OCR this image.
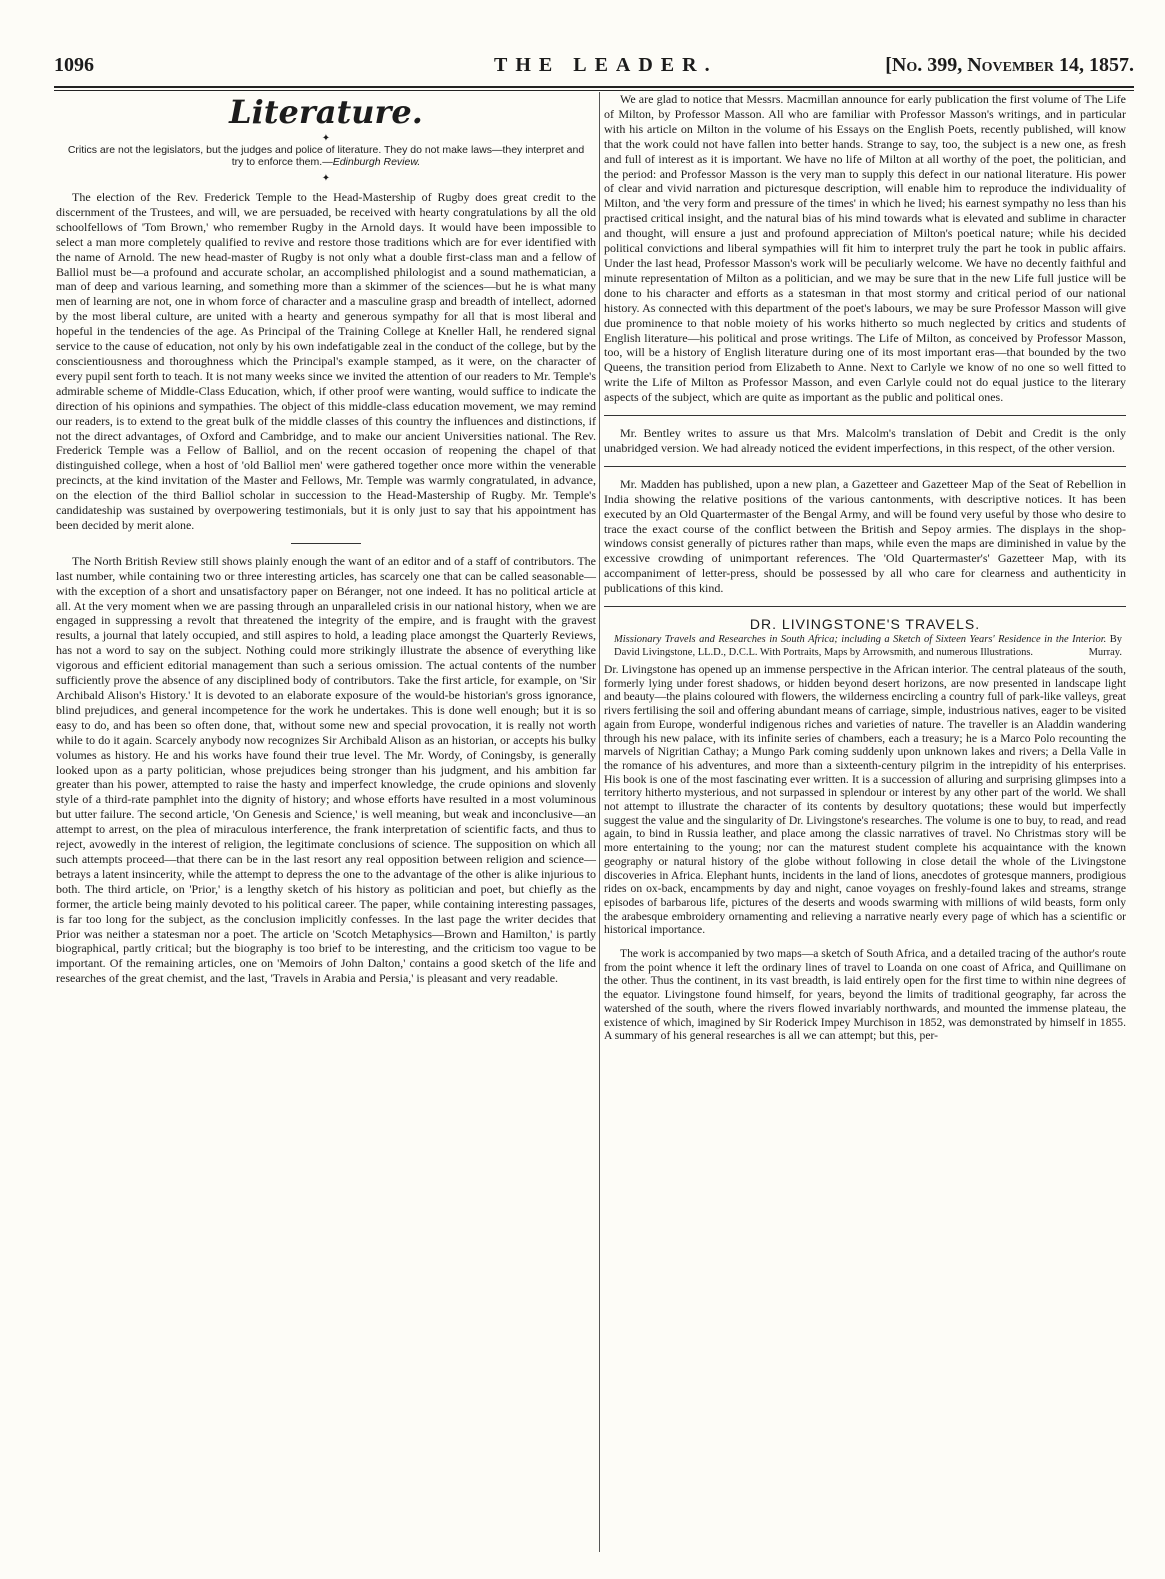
1096	THE LEADER.	[No. 399, November 14, 1857.
Literature.
✦
Critics are not the legislators, but the judges and police of literature. They do not make laws—they interpret and try to enforce them.—Edinburgh Review.
✦

The election of the Rev. Frederick Temple to the Head-Mastership of Rugby does great credit to the discernment of the Trustees, and will, we are persuaded, be received with hearty congratulations by all the old schoolfellows of 'Tom Brown,' who remember Rugby in the Arnold days. It would have been impossible to select a man more completely qualified to revive and restore those traditions which are for ever identified with the name of Arnold. The new head-master of Rugby is not only what a double first-class man and a fellow of Balliol must be—a profound and accurate scholar, an accomplished philologist and a sound mathematician, a man of deep and various learning, and something more than a skimmer of the sciences—but he is what many men of learning are not, one in whom force of character and a masculine grasp and breadth of intellect, adorned by the most liberal culture, are united with a hearty and generous sympathy for all that is most liberal and hopeful in the tendencies of the age. As Principal of the Training College at Kneller Hall, he rendered signal service to the cause of education, not only by his own indefatigable zeal in the conduct of the college, but by the conscientiousness and thoroughness which the Principal's example stamped, as it were, on the character of every pupil sent forth to teach. It is not many weeks since we invited the attention of our readers to Mr. Temple's admirable scheme of Middle-Class Education, which, if other proof were wanting, would suffice to indicate the direction of his opinions and sympathies. The object of this middle-class education movement, we may remind our readers, is to extend to the great bulk of the middle classes of this country the influences and distinctions, if not the direct advantages, of Oxford and Cambridge, and to make our ancient Universities national. The Rev. Frederick Temple was a Fellow of Balliol, and on the recent occasion of reopening the chapel of that distinguished college, when a host of 'old Balliol men' were gathered together once more within the venerable precincts, at the kind invitation of the Master and Fellows, Mr. Temple was warmly congratulated, in advance, on the election of the third Balliol scholar in succession to the Head-Mastership of Rugby. Mr. Temple's candidateship was sustained by overpowering testimonials, but it is only just to say that his appointment has been decided by merit alone.

The North British Review still shows plainly enough the want of an editor and of a staff of contributors. The last number, while containing two or three interesting articles, has scarcely one that can be called seasonable—with the exception of a short and unsatisfactory paper on Béranger, not one indeed. It has no political article at all. At the very moment when we are passing through an unparalleled crisis in our national history, when we are engaged in suppressing a revolt that threatened the integrity of the empire, and is fraught with the gravest results, a journal that lately occupied, and still aspires to hold, a leading place amongst the Quarterly Reviews, has not a word to say on the subject. Nothing could more strikingly illustrate the absence of everything like vigorous and efficient editorial management than such a serious omission. The actual contents of the number sufficiently prove the absence of any disciplined body of contributors. Take the first article, for example, on 'Sir Archibald Alison's History.' It is devoted to an elaborate exposure of the would-be historian's gross ignorance, blind prejudices, and general incompetence for the work he undertakes. This is done well enough; but it is so easy to do, and has been so often done, that, without some new and special provocation, it is really not worth while to do it again. Scarcely anybody now recognizes Sir Archibald Alison as an historian, or accepts his bulky volumes as history. He and his works have found their true level. The Mr. Wordy, of Coningsby, is generally looked upon as a party politician, whose prejudices being stronger than his judgment, and his ambition far greater than his power, attempted to raise the hasty and imperfect knowledge, the crude opinions and slovenly style of a third-rate pamphlet into the dignity of history; and whose efforts have resulted in a most voluminous but utter failure. The second article, 'On Genesis and Science,' is well meaning, but weak and inconclusive—an attempt to arrest, on the plea of miraculous interference, the frank interpretation of scientific facts, and thus to reject, avowedly in the interest of religion, the legitimate conclusions of science. The supposition on which all such attempts proceed—that there can be in the last resort any real opposition between religion and science—betrays a latent insincerity, while the attempt to depress the one to the advantage of the other is alike injurious to both. The third article, on 'Prior,' is a lengthy sketch of his history as politician and poet, but chiefly as the former, the article being mainly devoted to his political career. The paper, while containing interesting passages, is far too long for the subject, as the conclusion implicitly confesses. In the last page the writer decides that Prior was neither a statesman nor a poet. The article on 'Scotch Metaphysics—Brown and Hamilton,' is partly biographical, partly critical; but the biography is too brief to be interesting, and the criticism too vague to be important. Of the remaining articles, one on 'Memoirs of John Dalton,' contains a good sketch of the life and researches of the great chemist, and the last, 'Travels in Arabia and Persia,' is pleasant and very readable.

We are glad to notice that Messrs. Macmillan announce for early publication the first volume of The Life of Milton, by Professor Masson. All who are familiar with Professor Masson's writings, and in particular with his article on Milton in the volume of his Essays on the English Poets, recently published, will know that the work could not have fallen into better hands. Strange to say, too, the subject is a new one, as fresh and full of interest as it is important. We have no life of Milton at all worthy of the poet, the politician, and the period: and Professor Masson is the very man to supply this defect in our national literature. His power of clear and vivid narration and picturesque description, will enable him to reproduce the individuality of Milton, and 'the very form and pressure of the times' in which he lived; his earnest sympathy no less than his practised critical insight, and the natural bias of his mind towards what is elevated and sublime in character and thought, will ensure a just and profound appreciation of Milton's poetical nature; while his decided political convictions and liberal sympathies will fit him to interpret truly the part he took in public affairs. Under the last head, Professor Masson's work will be peculiarly welcome. We have no decently faithful and minute representation of Milton as a politician, and we may be sure that in the new Life full justice will be done to his character and efforts as a statesman in that most stormy and critical period of our national history. As connected with this department of the poet's labours, we may be sure Professor Masson will give due prominence to that noble moiety of his works hitherto so much neglected by critics and students of English literature—his political and prose writings. The Life of Milton, as conceived by Professor Masson, too, will be a history of English literature during one of its most important eras—that bounded by the two Queens, the transition period from Elizabeth to Anne. Next to Carlyle we know of no one so well fitted to write the Life of Milton as Professor Masson, and even Carlyle could not do equal justice to the literary aspects of the subject, which are quite as important as the public and political ones.

Mr. Bentley writes to assure us that Mrs. Malcolm's translation of Debit and Credit is the only unabridged version. We had already noticed the evident imperfections, in this respect, of the other version.

Mr. Madden has published, upon a new plan, a Gazetteer and Gazetteer Map of the Seat of Rebellion in India showing the relative positions of the various cantonments, with descriptive notices. It has been executed by an Old Quartermaster of the Bengal Army, and will be found very useful by those who desire to trace the exact course of the conflict between the British and Sepoy armies. The displays in the shop-windows consist generally of pictures rather than maps, while even the maps are diminished in value by the excessive crowding of unimportant references. The 'Old Quartermaster's' Gazetteer Map, with its accompaniment of letter-press, should be possessed by all who care for clearness and authenticity in publications of this kind.

DR. LIVINGSTONE'S TRAVELS.
Missionary Travels and Researches in South Africa; including a Sketch of Sixteen Years' Residence in the Interior. By David Livingstone, LL.D., D.C.L. With Portraits, Maps by Arrowsmith, and numerous Illustrations.	Murray.

Dr. Livingstone has opened up an immense perspective in the African interior. The central plateaus of the south, formerly lying under forest shadows, or hidden beyond desert horizons, are now presented in landscape light and beauty—the plains coloured with flowers, the wilderness encircling a country full of park-like valleys, great rivers fertilising the soil and offering abundant means of carriage, simple, industrious natives, eager to be visited again from Europe, wonderful indigenous riches and varieties of nature. The traveller is an Aladdin wandering through his new palace, with its infinite series of chambers, each a treasury; he is a Marco Polo recounting the marvels of Nigritian Cathay; a Mungo Park coming suddenly upon unknown lakes and rivers; a Della Valle in the romance of his adventures, and more than a sixteenth-century pilgrim in the intrepidity of his enterprises. His book is one of the most fascinating ever written. It is a succession of alluring and surprising glimpses into a territory hitherto mysterious, and not surpassed in splendour or interest by any other part of the world. We shall not attempt to illustrate the character of its contents by desultory quotations; these would but imperfectly suggest the value and the singularity of Dr. Livingstone's researches. The volume is one to buy, to read, and read again, to bind in Russia leather, and place among the classic narratives of travel. No Christmas story will be more entertaining to the young; nor can the maturest student complete his acquaintance with the known geography or natural history of the globe without following in close detail the whole of the Livingstone discoveries in Africa. Elephant hunts, incidents in the land of lions, anecdotes of grotesque manners, prodigious rides on ox-back, encampments by day and night, canoe voyages on freshly-found lakes and streams, strange episodes of barbarous life, pictures of the deserts and woods swarming with millions of wild beasts, form only the arabesque embroidery ornamenting and relieving a narrative nearly every page of which has a scientific or historical importance.

The work is accompanied by two maps—a sketch of South Africa, and a detailed tracing of the author's route from the point whence it left the ordinary lines of travel to Loanda on one coast of Africa, and Quillimane on the other. Thus the continent, in its vast breadth, is laid entirely open for the first time to within nine degrees of the equator. Livingstone found himself, for years, beyond the limits of traditional geography, far across the watershed of the south, where the rivers flowed invariably northwards, and mounted the immense plateau, the existence of which, imagined by Sir Roderick Impey Murchison in 1852, was demonstrated by himself in 1855. A summary of his general researches is all we can attempt; but this, per-
